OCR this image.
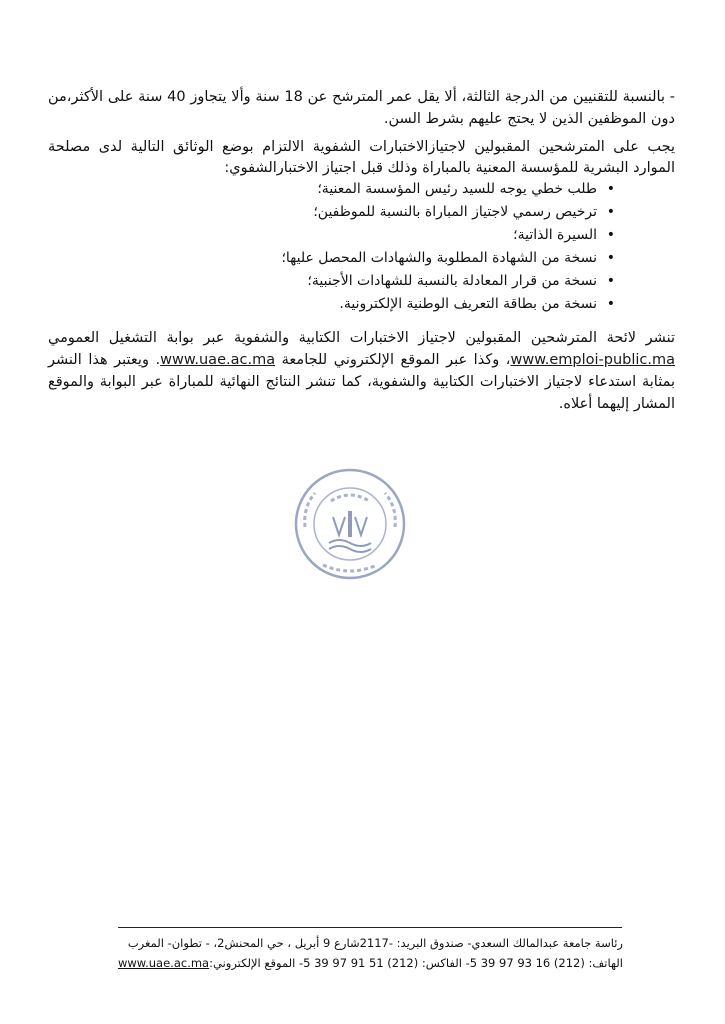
- بالنسبة للتقنيين من الدرجة الثالثة، ألا يقل عمر المترشح عن 18 سنة وألا يتجاوز 40 سنة على الأكثر،من دون الموظفين الذين لا يحتج عليهم بشرط السن.

يجب على المترشحين المقبولين لاجتيازالاختبارات الشفوية الالتزام بوضع الوثائق التالية لدى مصلحة الموارد البشرية للمؤسسة المعنية بالمباراة وذلك قبل اجتياز الاختبارالشفوي:

• طلب خطي يوجه للسيد رئيس المؤسسة المعنية؛
• ترخيص رسمي لاجتياز المباراة بالنسبة للموظفين؛
• السيرة الذاتية؛
• نسخة من الشهادة المطلوبة والشهادات المحصل عليها؛
• نسخة من قرار المعادلة بالنسبة للشهادات الأجنبية؛
• نسخة من بطاقة التعريف الوطنية الإلكترونية.

تنشر لائحة المترشحين المقبولين لاجتياز الاختبارات الكتابية والشفوية عبر بوابة التشغيل العمومي www.emploi-public.ma، وكذا عبر الموقع الإلكتروني للجامعة www.uae.ac.ma. ويعتبر هذا النشر بمثابة استدعاء لاجتياز الاختبارات الكتابية والشفوية، كما تنشر النتائج النهائية للمباراة عبر البوابة والموقع المشار إليهما أعلاه.

رئاسة جامعة عبدالمالك السعدي- صندوق البريد: -2117شارع 9 أبريل ، حي المحنش2، - تطوان- المغرب
الهاتف: (212) 16 93 97 39 5- الفاكس: (212) 51 91 97 39 5- الموقع الإلكتروني:www.uae.ac.ma
